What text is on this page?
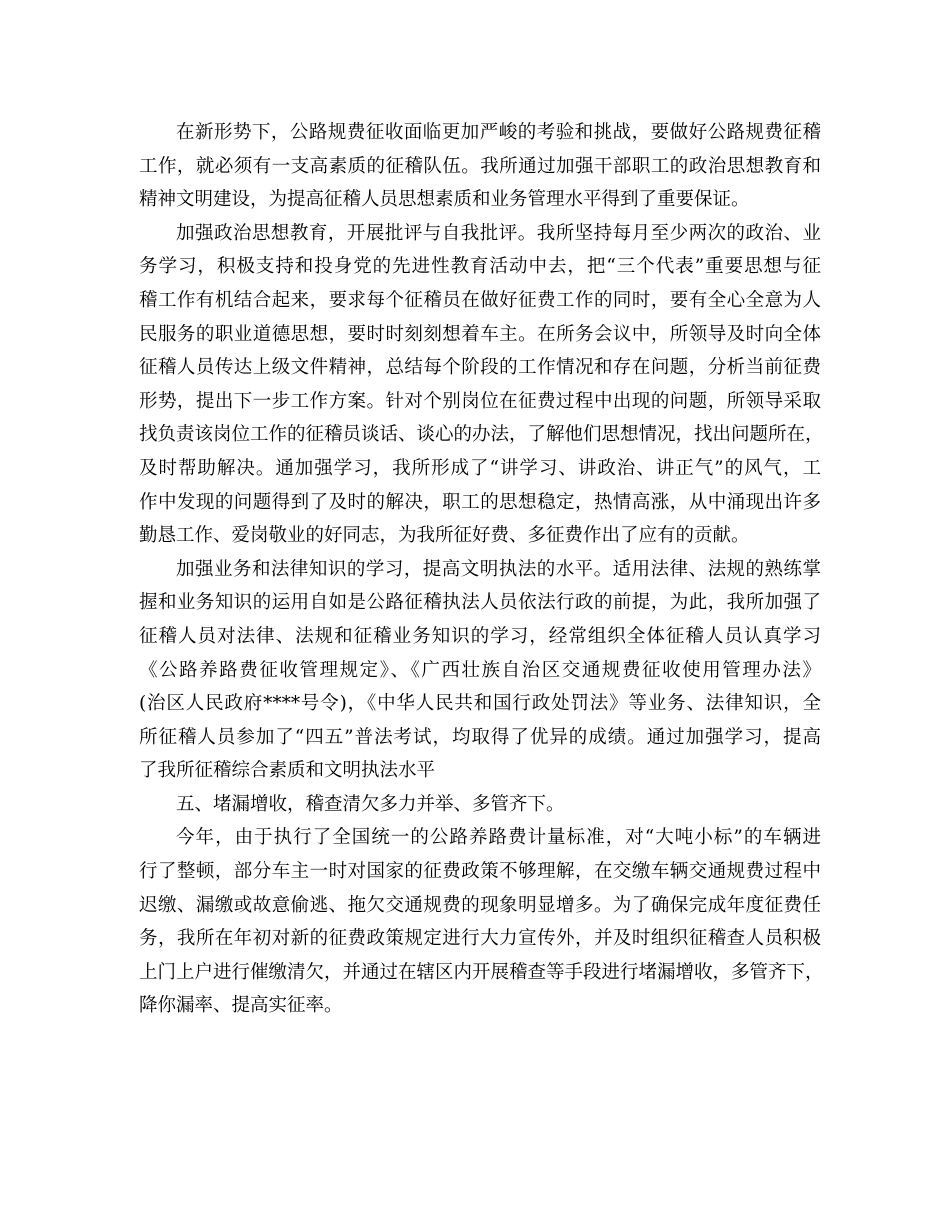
在新形势下，公路规费征收面临更加严峻的考验和挑战，要做好公路规费征稽
工作，就必须有一支高素质的征稽队伍。我所通过加强干部职工的政治思想教育和
精神文明建设，为提高征稽人员思想素质和业务管理水平得到了重要保证。
加强政治思想教育，开展批评与自我批评。我所坚持每月至少两次的政治、业
务学习，积极支持和投身党的先进性教育活动中去，把“三个代表”重要思想与征
稽工作有机结合起来，要求每个征稽员在做好征费工作的同时，要有全心全意为人
民服务的职业道德思想，要时时刻刻想着车主。在所务会议中，所领导及时向全体
征稽人员传达上级文件精神，总结每个阶段的工作情况和存在问题，分析当前征费
形势，提出下一步工作方案。针对个别岗位在征费过程中出现的问题，所领导采取
找负责该岗位工作的征稽员谈话、谈心的办法，了解他们思想情况，找出问题所在，
及时帮助解决。通加强学习，我所形成了“讲学习、讲政治、讲正气”的风气，工
作中发现的问题得到了及时的解决，职工的思想稳定，热情高涨，从中涌现出许多
勤恳工作、爱岗敬业的好同志，为我所征好费、多征费作出了应有的贡献。
加强业务和法律知识的学习，提高文明执法的水平。适用法律、法规的熟练掌
握和业务知识的运用自如是公路征稽执法人员依法行政的前提，为此，我所加强了
征稽人员对法律、法规和征稽业务知识的学习，经常组织全体征稽人员认真学习
《公路养路费征收管理规定》、《广西壮族自治区交通规费征收使用管理办法》
(治区人民政府****号令)，《中华人民共和国行政处罚法》等业务、法律知识，全
所征稽人员参加了“四五”普法考试，均取得了优异的成绩。通过加强学习，提高
了我所征稽综合素质和文明执法水平
五、堵漏增收，稽查清欠多力并举、多管齐下。
今年，由于执行了全国统一的公路养路费计量标准，对“大吨小标”的车辆进
行了整顿，部分车主一时对国家的征费政策不够理解，在交缴车辆交通规费过程中
迟缴、漏缴或故意偷逃、拖欠交通规费的现象明显增多。为了确保完成年度征费任
务，我所在年初对新的征费政策规定进行大力宣传外，并及时组织征稽查人员积极
上门上户进行催缴清欠，并通过在辖区内开展稽查等手段进行堵漏增收，多管齐下，
降你漏率、提高实征率。
